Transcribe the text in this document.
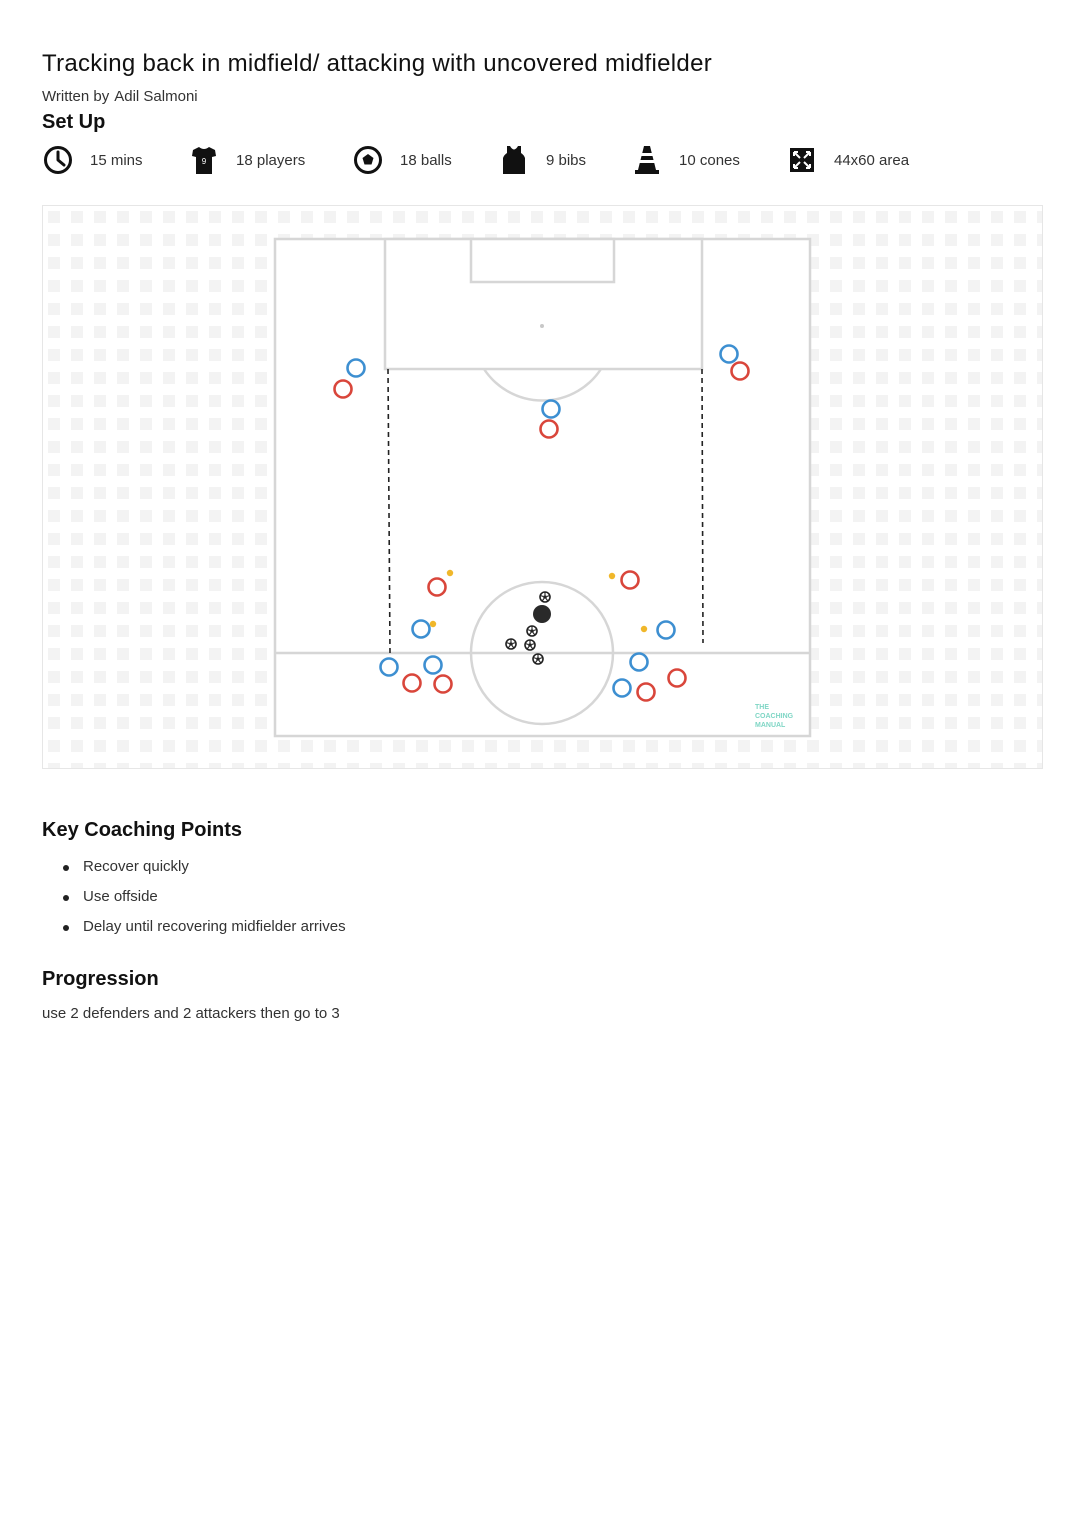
Tracking back in midfield/ attacking with uncovered midfielder
Written by Adil Salmoni
Set Up
15 mins	9 18 players	18 balls	9 bibs	10 cones	44x60 area
THE
COACHING
MANUAL
Key Coaching Points
Recover quickly
Use offside
Delay until recovering midfielder arrives
Progression
use 2 defenders and 2 attackers then go to 3
